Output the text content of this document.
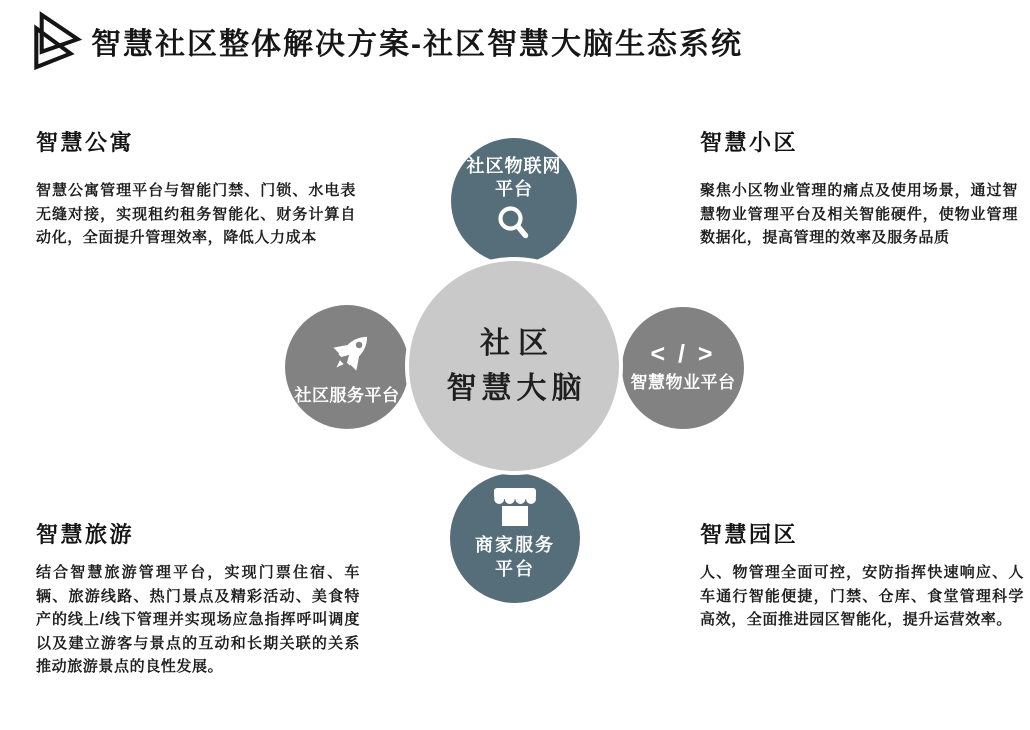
智慧社区整体解决方案-社区智慧大脑生态系统
智慧公寓

智慧公寓管理平台与智能门禁、门锁、水电表无缝对接，实现租约租务智能化、财务计算自动化，全面提升管理效率，降低人力成本

智慧小区

聚焦小区物业管理的痛点及使用场景，通过智慧物业管理平台及相关智能硬件，使物业管理数据化，提高管理的效率及服务品质

智慧旅游

结合智慧旅游管理平台，实现门票住宿、车辆、旅游线路、热门景点及精彩活动、美食特产的线上/线下管理并实现场应急指挥呼叫调度以及建立游客与景点的互动和长期关联的关系推动旅游景点的良性发展。

智慧园区

人、物管理全面可控，安防指挥快速响应、人车通行智能便捷，门禁、仓库、食堂管理科学高效，全面推进园区智能化，提升运营效率。

社区物联网
平台
社区服务平台
< / >
智慧物业平台
商家服务
平台
社区
智慧大脑
